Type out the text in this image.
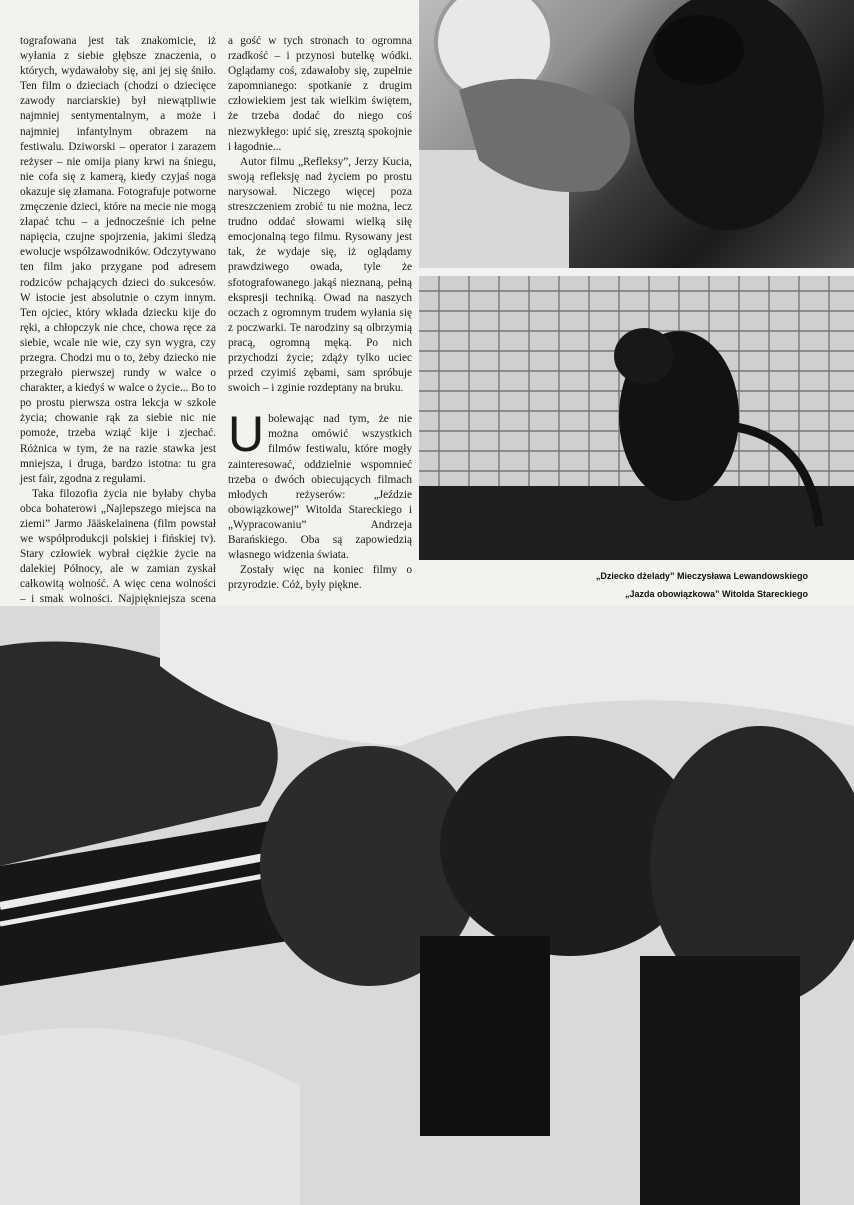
tografowana jest tak znakomicie, iż wyłania z siebie głębsze znaczenia, o których, wydawałoby się, ani jej się śniło. Ten film o dzieciach (chodzi o dziecięce zawody narciarskie) był niewątpliwie najmniej sentymentalnym, a może i najmniej infantylnym obrazem na festiwalu. Dziworski – operator i zarazem reżyser – nie omija piany krwi na śniegu, nie cofa się z kamerą, kiedy czyjaś noga okazuje się złamana. Fotografuje potworne zmęczenie dzieci, które na mecie nie mogą złapać tchu – a jednocześnie ich pełne napięcia, czujne spojrzenia, jakimi śledzą ewolucje współzawodników. Odczytywano ten film jako przygane pod adresem rodziców pchających dzieci do sukcesów. W istocie jest absolutnie o czym innym. Ten ojciec, który wkłada dziecku kije do ręki, a chłopczyk nie chce, chowa ręce za siebie, wcale nie wie, czy syn wygra, czy przegra. Chodzi mu o to, żeby dziecko nie przegrało pierwszej rundy w walce o charakter, a kiedyś w walce o życie... Bo to po prostu pierwsza ostra lekcja w szkole życia; chowanie rąk za siebie nic nie pomoże, trzeba wziąć kije i zjechać. Różnica w tym, że na razie stawka jest mniejsza, i druga, bardzo istotna: tu gra jest fair, zgodna z regułami.

Taka filozofia życia nie byłaby chyba obca bohaterowi „Najlepszego miejsca na ziemi” Jarmo Jääskelainena (film powstał we współprodukcji polskiej i fińskiej tv). Stary człowiek wybrał ciężkie życie na dalekiej Północy, ale w zamian zyskał całkowitą wolność. A więc cena wolności – i smak wolności. Najpiękniejsza scena

a gość w tych stronach to ogromna rzadkość – i przynosi butelkę wódki. Oglądamy coś, zdawałoby się, zupełnie zapomnianego: spotkanie z drugim człowiekiem jest tak wielkim świętem, że trzeba dodać do niego coś niezwykłego: upić się, zresztą spokojnie i łagodnie...

Autor filmu „Refleksy”, Jerzy Kucia, swoją refleksję nad życiem po prostu narysował. Niczego więcej poza streszczeniem zrobić tu nie można, lecz trudno oddać słowami wielką siłę emocjonalną tego filmu. Rysowany jest tak, że wydaje się, iż oglądamy prawdziwego owada, tyle że sfotografowanego jakąś nieznaną, pełną ekspresji techniką. Owad na naszych oczach z ogromnym trudem wyłania się z poczwarki. Te narodziny są olbrzymią pracą, ogromną męką. Po nich przychodzi życie; zdąży tylko uciec przed czyimiś zębami, sam spróbuje swoich – i zginie rozdeptany na bruku.

Ubolewając nad tym, że nie można omówić wszystkich filmów festiwalu, które mogły zainteresować, oddzielnie wspomnieć trzeba o dwóch obiecujących filmach młodych reżyserów: „Jeździe obowiązkowej” Witolda Stareckiego i „Wypracowaniu” Andrzeja Barańskiego. Oba są zapowiedzią własnego widzenia świata.

Zostały więc na koniec filmy o przyrodzie. Cóż, były piękne.

„Dziecko dżelady” Mieczysława Lewandowskiego
„Jazda obowiązkowa” Witolda Stareckiego
